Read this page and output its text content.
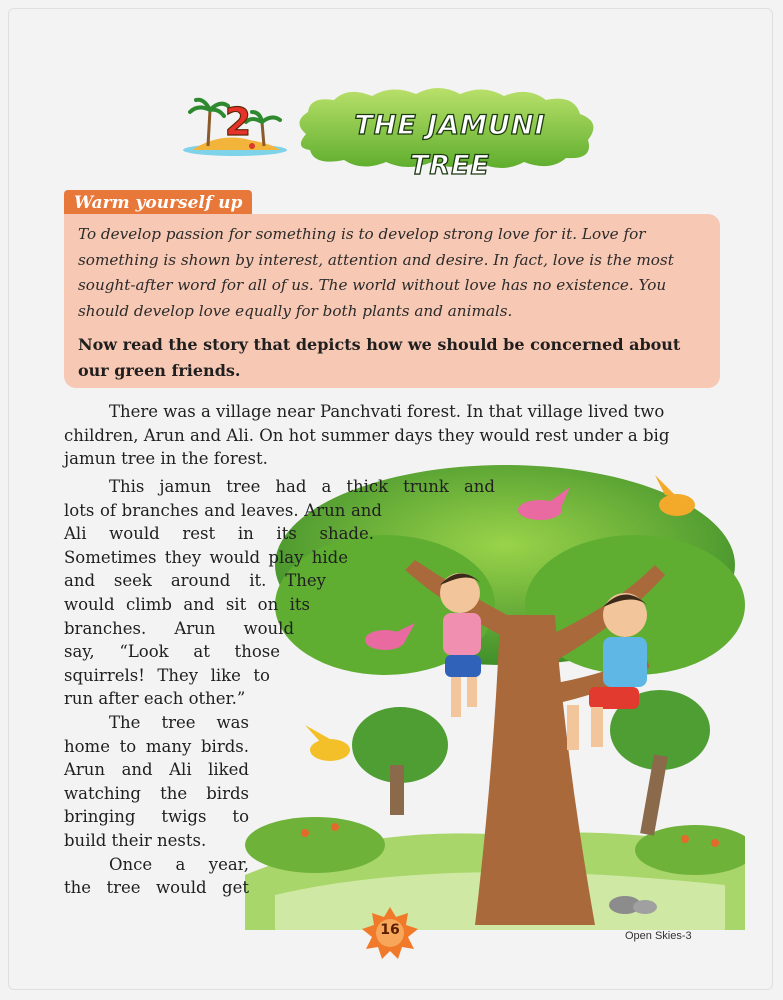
2	THE JAMUNI TREE
Warm yourself up

To develop passion for something is to develop strong love for it. Love for something is shown by interest, attention and desire. In fact, love is the most sought-after word for all of us. The world without love has no existence. You should develop love equally for both plants and animals.

Now read the story that depicts how we should be concerned about our green friends.

There was a village near Panchvati forest. In that village lived two children, Arun and Ali. On hot summer days they would rest under a big jamun tree in the forest.

This jamun tree had a thick trunk and
lots of branches and leaves. Arun and
Ali would rest in its shade.
Sometimes they would play hide
and seek around it. They
would climb and sit on its
branches. Arun would
say, “Look at those
squirrels! They like to
run after each other.”
The tree was
home to many birds.
Arun and Ali liked
watching the birds
bringing twigs to
build their nests.
Once a year,
the tree would get
16	Open Skies-3
